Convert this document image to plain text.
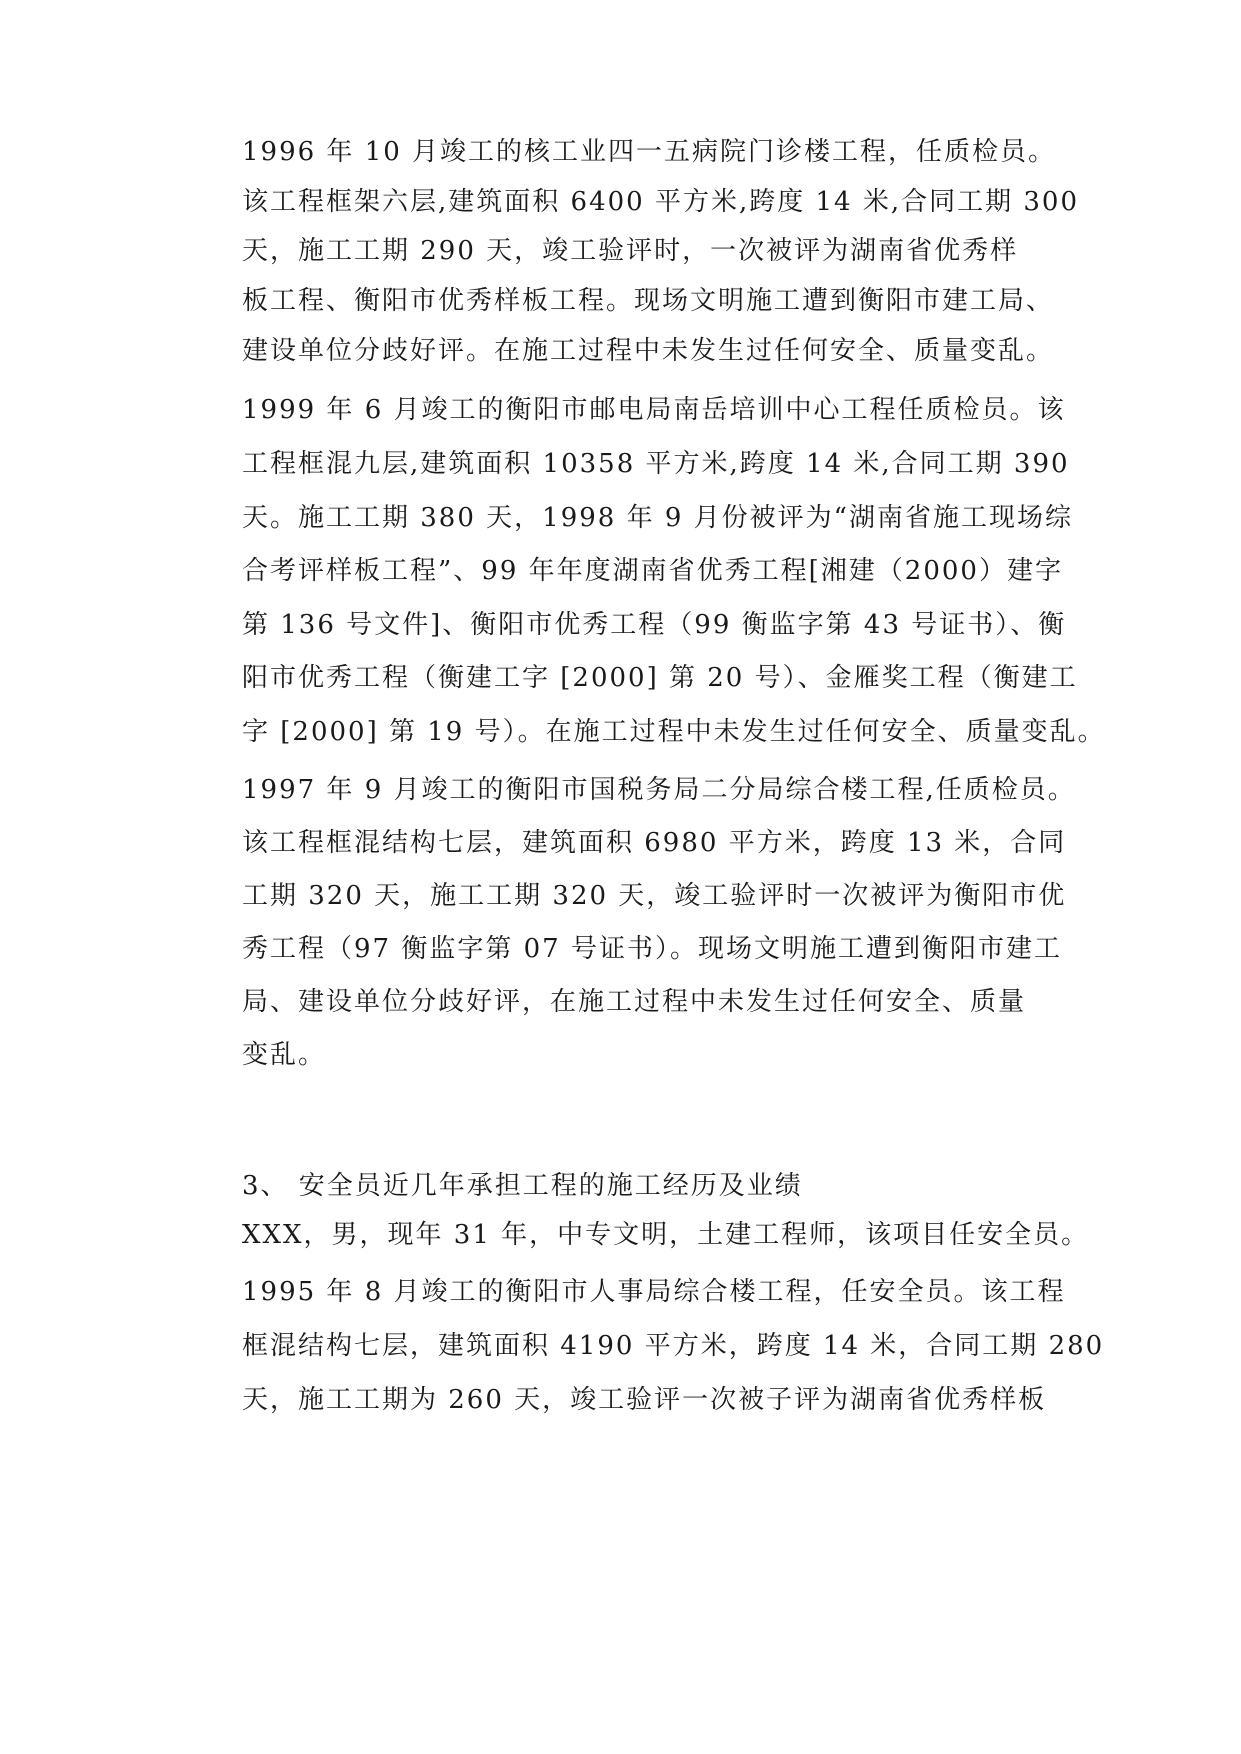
1996 年 10 月竣工的核工业四一五病院门诊楼工程，任质检员。

该工程框架六层,建筑面积 6400 平方米,跨度 14 米,合同工期 300

天，施工工期 290 天，竣工验评时，一次被评为湖南省优秀样

板工程、衡阳市优秀样板工程。现场文明施工遭到衡阳市建工局、

建设单位分歧好评。在施工过程中未发生过任何安全、质量变乱。

1999 年 6 月竣工的衡阳市邮电局南岳培训中心工程任质检员。该

工程框混九层,建筑面积 10358 平方米,跨度 14 米,合同工期 390

天。施工工期 380 天，1998 年 9 月份被评为“湖南省施工现场综

合考评样板工程”、99 年年度湖南省优秀工程[湘建（2000）建字

第 136 号文件]、衡阳市优秀工程（99 衡监字第 43 号证书）、衡

阳市优秀工程（衡建工字 [2000] 第 20 号）、金雁奖工程（衡建工

字 [2000] 第 19 号）。在施工过程中未发生过任何安全、质量变乱。

1997 年 9 月竣工的衡阳市国税务局二分局综合楼工程,任质检员。

该工程框混结构七层，建筑面积 6980 平方米，跨度 13 米，合同

工期 320 天，施工工期 320 天，竣工验评时一次被评为衡阳市优

秀工程（97 衡监字第 07 号证书）。现场文明施工遭到衡阳市建工

局、建设单位分歧好评，在施工过程中未发生过任何安全、质量

变乱。

3、 安全员近几年承担工程的施工经历及业绩

XXX，男，现年 31 年，中专文明，土建工程师，该项目任安全员。

1995 年 8 月竣工的衡阳市人事局综合楼工程，任安全员。该工程

框混结构七层，建筑面积 4190 平方米，跨度 14 米，合同工期 280

天，施工工期为 260 天，竣工验评一次被子评为湖南省优秀样板
